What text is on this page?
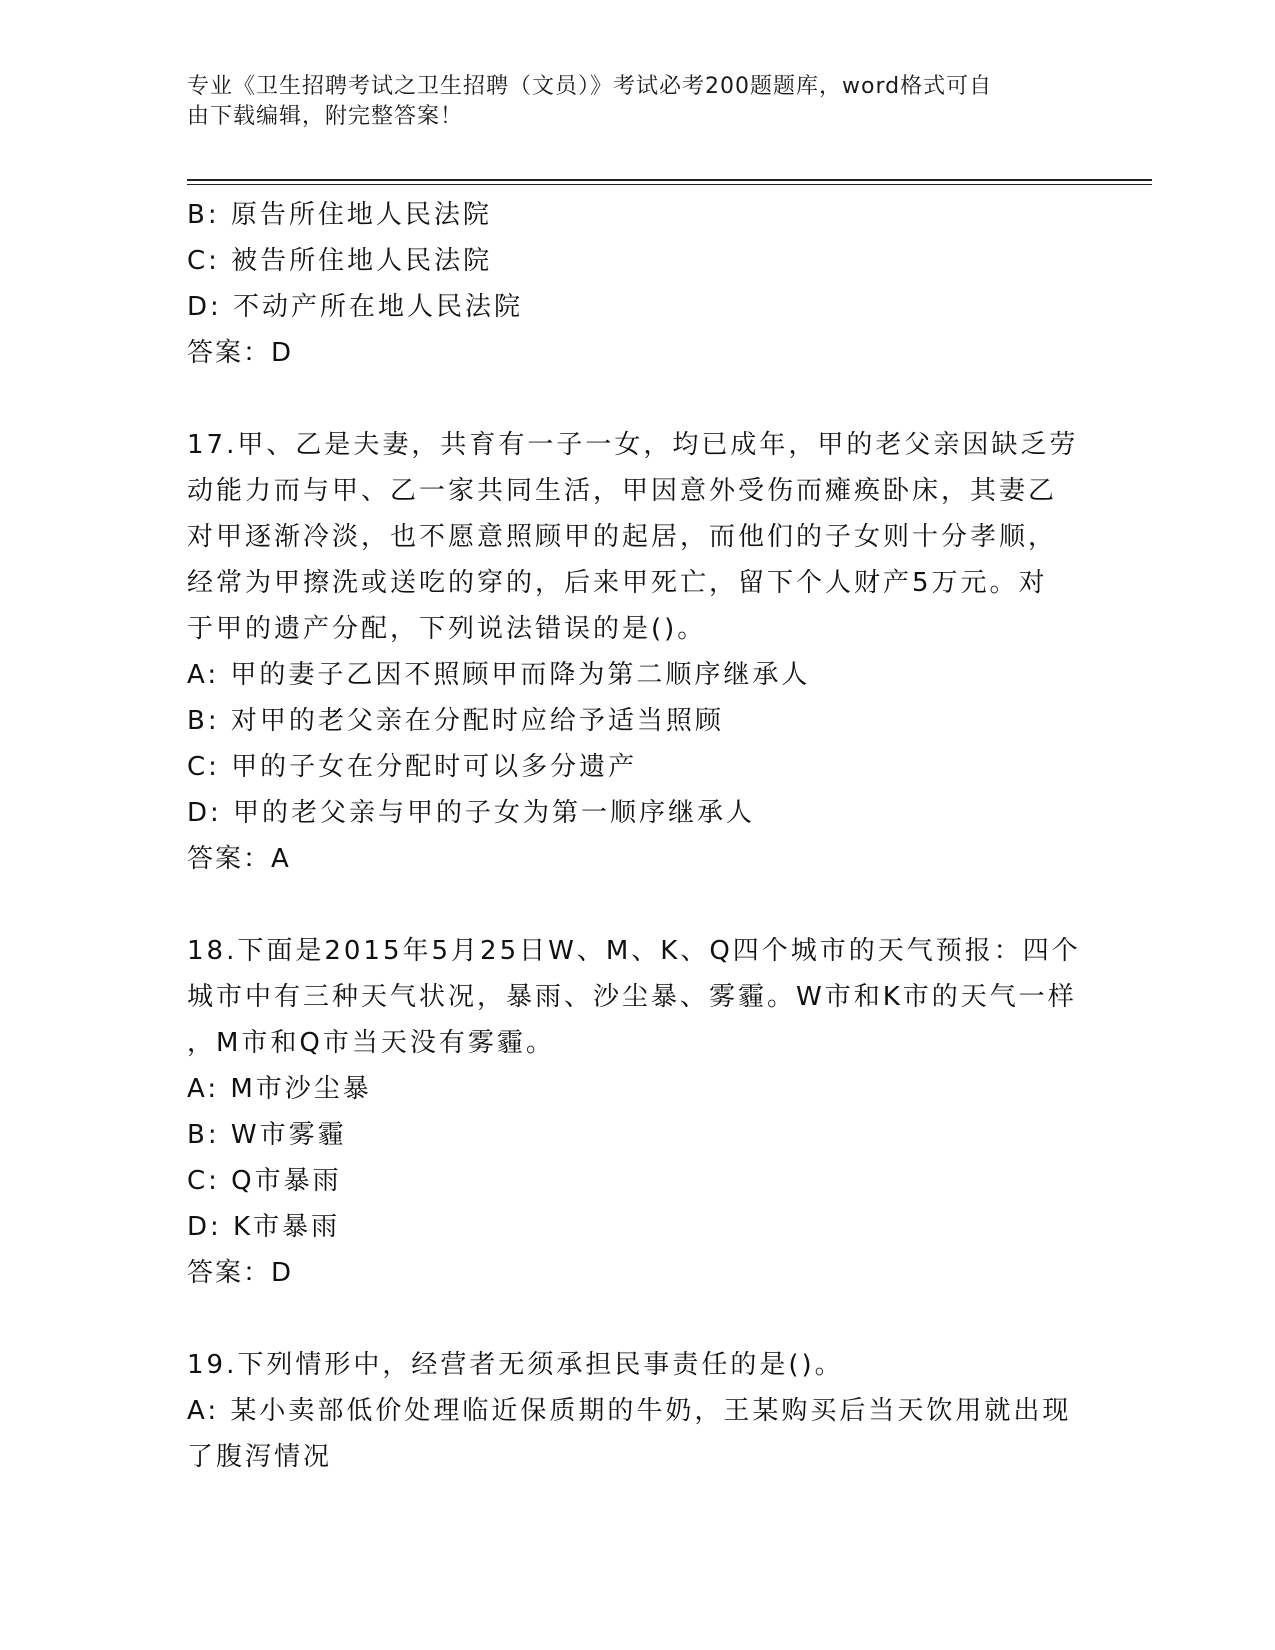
专业《卫生招聘考试之卫生招聘（文员）》考试必考200题题库，word格式可自
由下载编辑，附完整答案！
B: 原告所住地人民法院
C: 被告所住地人民法院
D: 不动产所在地人民法院
答案：D
17.甲、乙是夫妻，共育有一子一女，均已成年，甲的老父亲因缺乏劳
动能力而与甲、乙一家共同生活，甲因意外受伤而瘫痪卧床，其妻乙
对甲逐渐冷淡，也不愿意照顾甲的起居，而他们的子女则十分孝顺，
经常为甲擦洗或送吃的穿的，后来甲死亡，留下个人财产5万元。对
于甲的遗产分配，下列说法错误的是()。
A: 甲的妻子乙因不照顾甲而降为第二顺序继承人
B: 对甲的老父亲在分配时应给予适当照顾
C: 甲的子女在分配时可以多分遗产
D: 甲的老父亲与甲的子女为第一顺序继承人
答案：A
18.下面是2015年5月25日W、M、K、Q四个城市的天气预报：四个
城市中有三种天气状况，暴雨、沙尘暴、雾霾。W市和K市的天气一样
，M市和Q市当天没有雾霾。
A: M市沙尘暴
B: W市雾霾
C: Q市暴雨
D: K市暴雨
答案：D
19.下列情形中，经营者无须承担民事责任的是()。
A: 某小卖部低价处理临近保质期的牛奶，王某购买后当天饮用就出现
了腹泻情况
